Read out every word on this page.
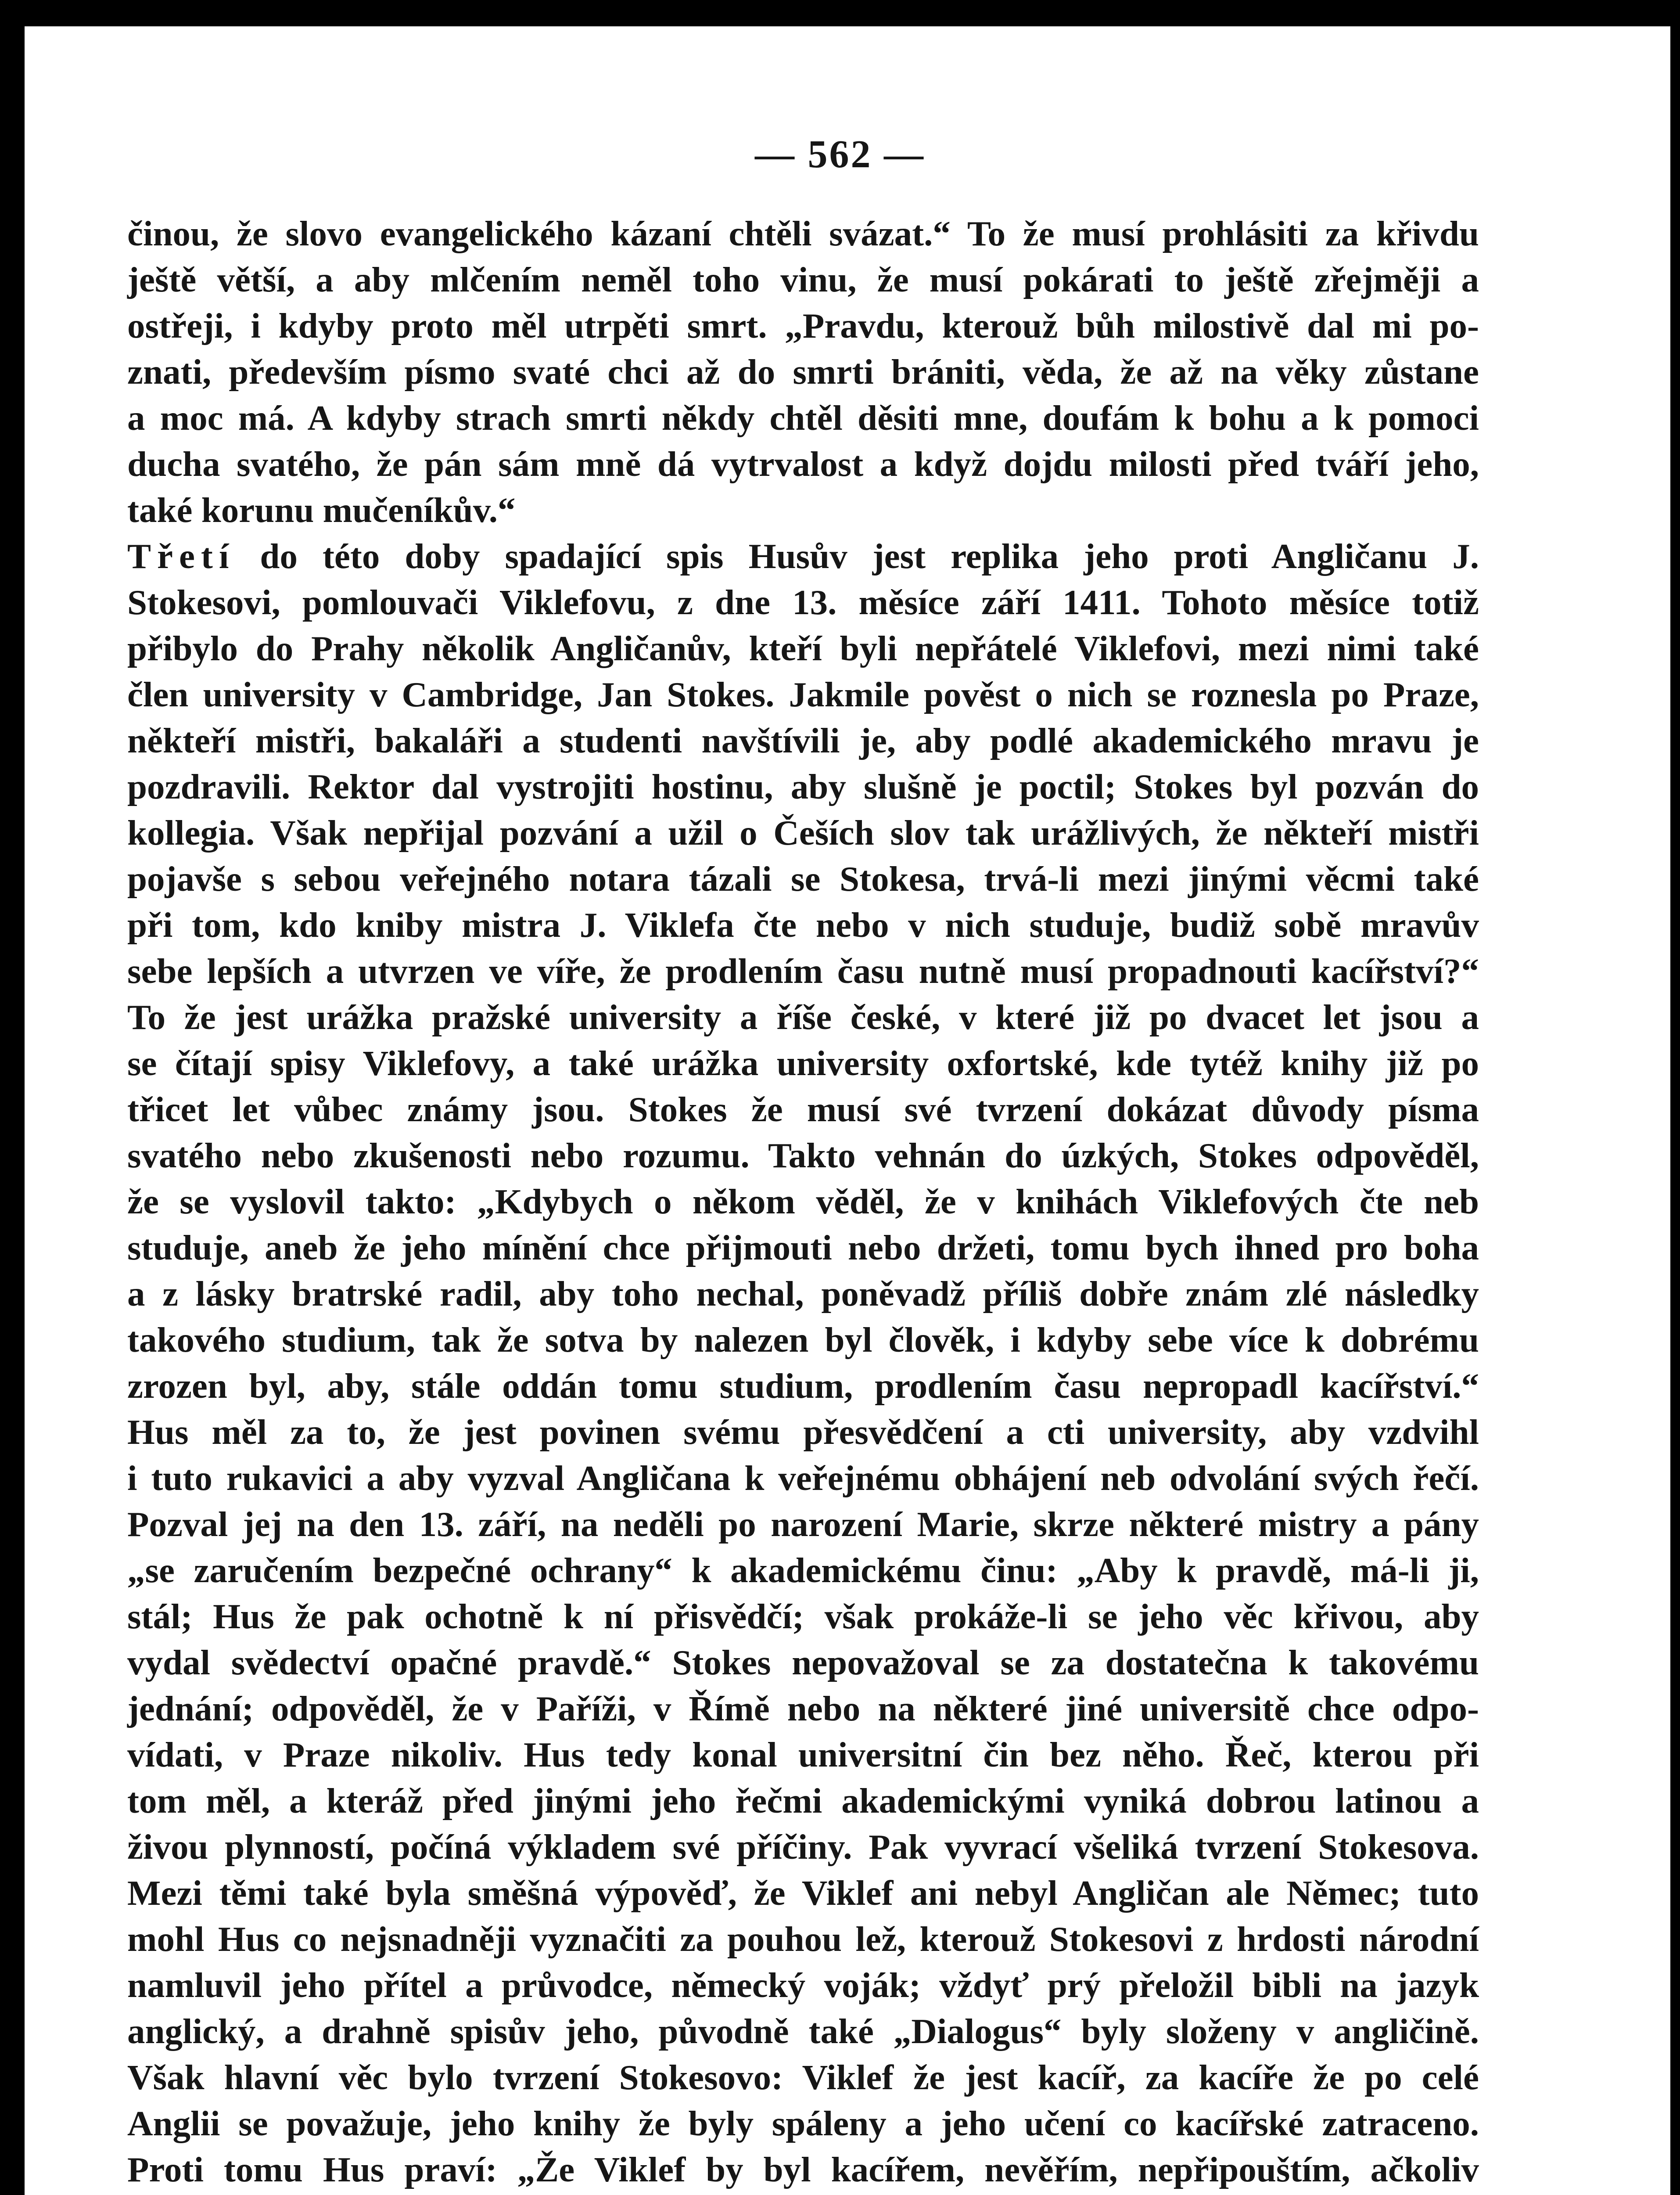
— 562 —

činou, že slovo evangelického kázaní chtěli svázat.“ To že musí prohlásiti za křivdu
ještě větší, a aby mlčením neměl toho vinu, že musí pokárati to ještě zřejměji a
ostřeji, i kdyby proto měl utrpěti smrt. „Pravdu, kterouž bůh milostivě dal mi po-
znati, především písmo svaté chci až do smrti brániti, věda, že až na věky zůstane
a moc má. A kdyby strach smrti někdy chtěl děsiti mne, doufám k bohu a k pomoci
ducha svatého, že pán sám mně dá vytrvalost a když dojdu milosti před tváří jeho,
také korunu mučeníkův.“

Třetí do této doby spadající spis Husův jest replika jeho proti Angličanu J.
Stokesovi, pomlouvači Viklefovu, z dne 13. měsíce září 1411. Tohoto měsíce totiž
přibylo do Prahy několik Angličanův, kteří byli nepřátelé Viklefovi, mezi nimi také
člen university v Cambridge, Jan Stokes. Jakmile pověst o nich se roznesla po Praze,
někteří mistři, bakaláři a studenti navštívili je, aby podlé akademického mravu je
pozdravili. Rektor dal vystrojiti hostinu, aby slušně je poctil; Stokes byl pozván do
kollegia. Však nepřijal pozvání a užil o Češích slov tak urážlivých, že někteří mistři
pojavše s sebou veřejného notara tázali se Stokesa, trvá-li mezi jinými věcmi také
při tom, kdo kniby mistra J. Viklefa čte nebo v nich studuje, budiž sobě mravův
sebe lepších a utvrzen ve víře, že prodlením času nutně musí propadnouti kacířství?“
To že jest urážka pražské university a říše české, v které již po dvacet let jsou a
se čítají spisy Viklefovy, a také urážka university oxfortské, kde tytéž knihy již po
třicet let vůbec známy jsou. Stokes že musí své tvrzení dokázat důvody písma
svatého nebo zkušenosti nebo rozumu. Takto vehnán do úzkých, Stokes odpověděl,
že se vyslovil takto: „Kdybych o někom věděl, že v knihách Viklefových čte neb
studuje, aneb že jeho mínění chce přijmouti nebo držeti, tomu bych ihned pro boha
a z lásky bratrské radil, aby toho nechal, poněvadž příliš dobře znám zlé následky
takového studium, tak že sotva by nalezen byl člověk, i kdyby sebe více k dobrému
zrozen byl, aby, stále oddán tomu studium, prodlením času nepropadl kacířství.“
Hus měl za to, že jest povinen svému přesvědčení a cti university, aby vzdvihl
i tuto rukavici a aby vyzval Angličana k veřejnému obhájení neb odvolání svých řečí.
Pozval jej na den 13. září, na neděli po narození Marie, skrze některé mistry a pány
„se zaručením bezpečné ochrany“ k akademickému činu: „Aby k pravdě, má-li ji,
stál; Hus že pak ochotně k ní přisvědčí; však prokáže-li se jeho věc křivou, aby
vydal svědectví opačné pravdě.“ Stokes nepovažoval se za dostatečna k takovému
jednání; odpověděl, že v Paříži, v Římě nebo na některé jiné universitě chce odpo-
vídati, v Praze nikoliv. Hus tedy konal universitní čin bez něho. Řeč, kterou při
tom měl, a kteráž před jinými jeho řečmi akademickými vyniká dobrou latinou a
živou plynností, počíná výkladem své příčiny. Pak vyvrací všeliká tvrzení Stokesova.
Mezi těmi také byla směšná výpověď, že Viklef ani nebyl Angličan ale Němec; tuto
mohl Hus co nejsnadněji vyznačiti za pouhou lež, kterouž Stokesovi z hrdosti národní
namluvil jeho přítel a průvodce, německý voják; vždyť prý přeložil bibli na jazyk
anglický, a drahně spisův jeho, původně také „Dialogus“ byly složeny v angličině.
Však hlavní věc bylo tvrzení Stokesovo: Viklef že jest kacíř, za kacíře že po celé
Anglii se považuje, jeho knihy že byly spáleny a jeho učení co kacířské zatraceno.
Proti tomu Hus praví: „Že Viklef by byl kacířem, nevěřím, nepřipouštím, ačkoliv
